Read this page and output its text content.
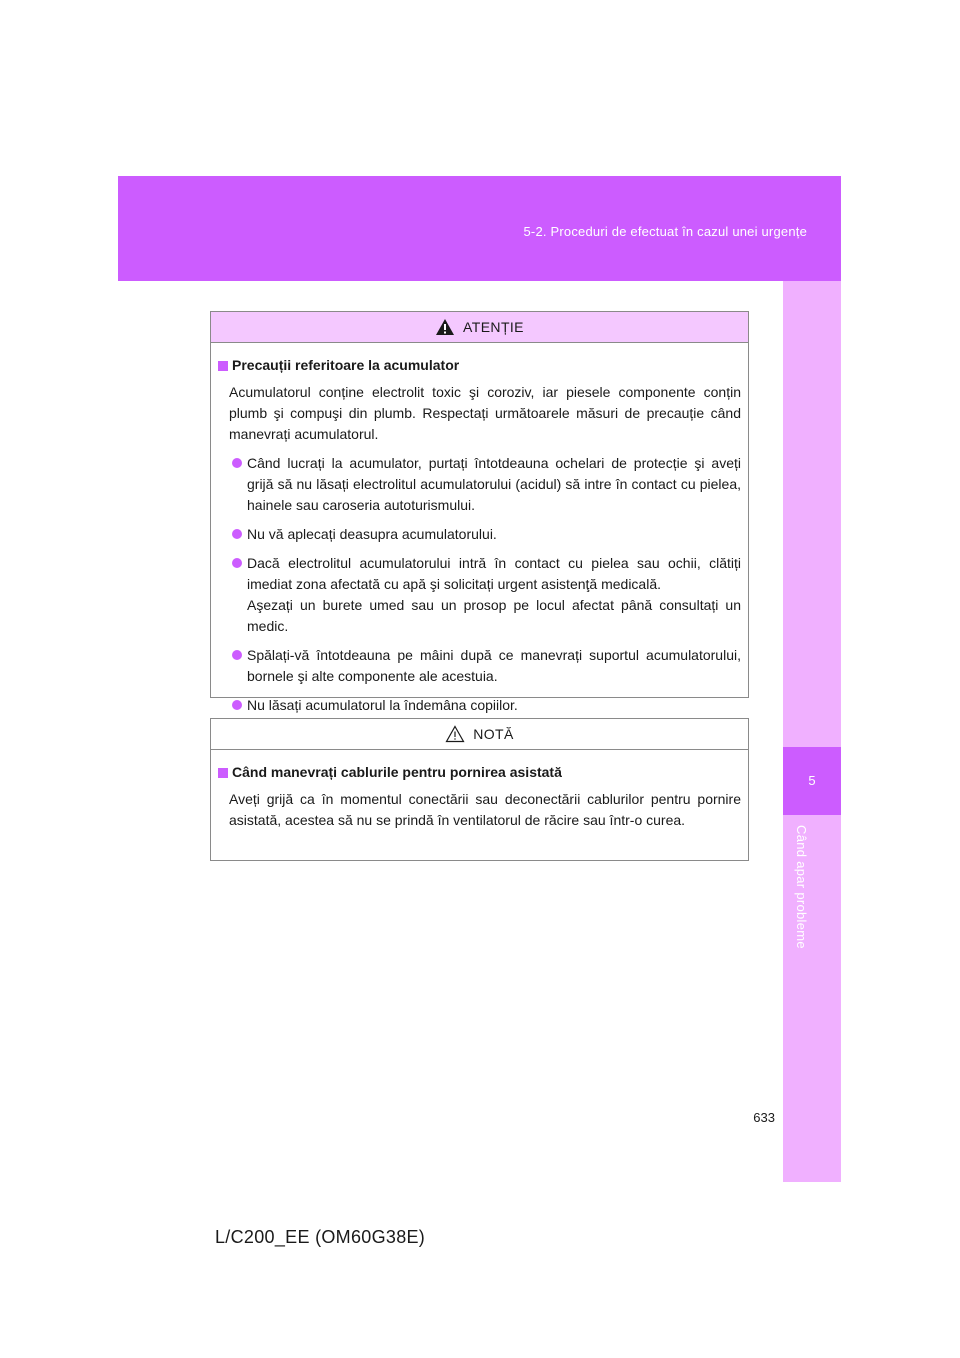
5-2. Proceduri de efectuat în cazul unei urgențe
5
Când apar probleme
ATENȚIE
Precauții referitoare la acumulator
Acumulatorul conține electrolit toxic şi coroziv, iar piesele componente conțin plumb şi compuşi din plumb. Respectați următoarele măsuri de precauție când manevrați acumulatorul.
Când lucrați la acumulator, purtați întotdeauna ochelari de protecție şi aveți grijă să nu lăsați electrolitul acumulatorului (acidul) să intre în contact cu pielea, hainele sau caroseria autoturismului.
Nu vă aplecați deasupra acumulatorului.
Dacă electrolitul acumulatorului intră în contact cu pielea sau ochii, clătiți imediat zona afectată cu apă şi solicitați urgent asistenţă medicală.
Aşezați un burete umed sau un prosop pe locul afectat până consultați un medic.
Spălați-vă întotdeauna pe mâini după ce manevrați suportul acumulatorului, bornele şi alte componente ale acestuia.
Nu lăsați acumulatorul la îndemâna copiilor.
NOTĂ
Când manevrați cablurile pentru pornirea asistată
Aveți grijă ca în momentul conectării sau deconectării cablurilor pentru pornire asistată, acestea să nu se prindă în ventilatorul de răcire sau într-o curea.
633
L/C200_EE (OM60G38E)
